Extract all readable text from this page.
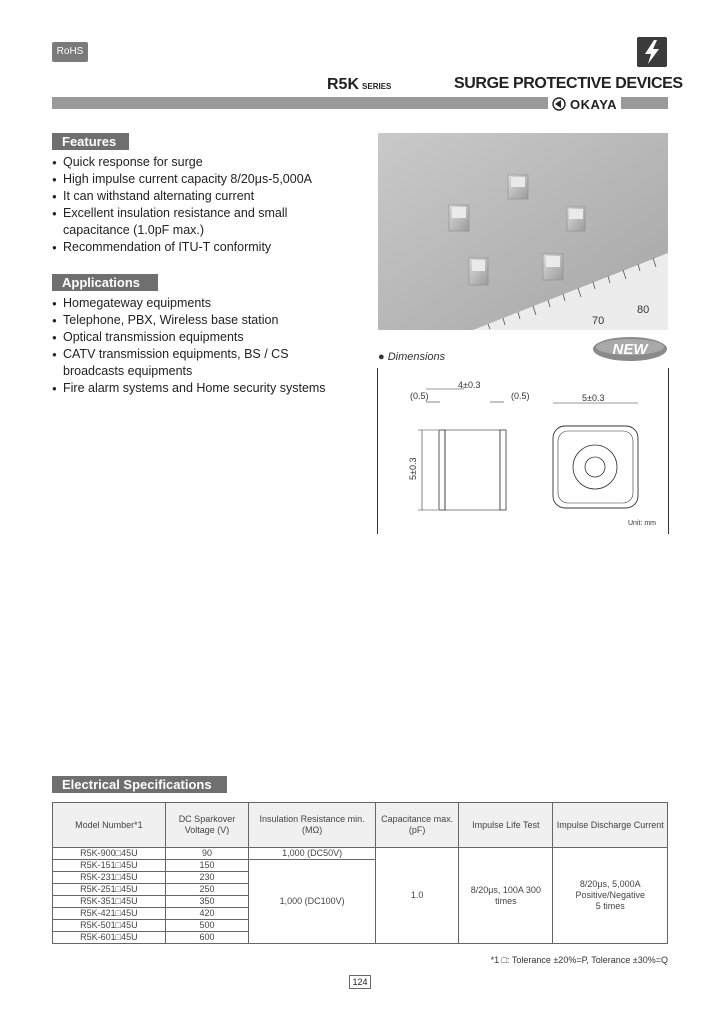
RoHS
R5K SERIES	SURGE PROTECTIVE DEVICES
OKAYA
Features
● Quick response for surge
● High impulse current capacity 8/20μs-5,000A
● It can withstand alternating current
● Excellent insulation resistance and small capacitance (1.0pF max.)
● Recommendation of ITU-T conformity
Applications
● Homegateway equipments
● Telephone, PBX, Wireless base station
● Optical transmission equipments
● CATV transmission equipments, BS / CS broadcasts equipments
● Fire alarm systems and Home security systems
70
80
● Dimensions	NEW
4±0.3
(0.5)	(0.5)
5±0.3
5±0.3
Unit: mm
Electrical Specifications
Model Number*1	DC Sparkover Voltage (V)	Insulation Resistance min. (MΩ)	Capacitance max. (pF)	Impulse Life Test	Impulse Discharge Current
R5K-900□45U	90	1,000 (DC50V)	1.0	8/20μs, 100A 300 times	8/20μs, 5,000A Positive/Negative 5 times
R5K-151□45U	150	1,000 (DC100V)			
R5K-231□45U	230				
R5K-251□45U	250				
R5K-351□45U	350				
R5K-421□45U	420				
R5K-501□45U	500				
R5K-601□45U	600				
*1 □: Tolerance ±20%=P, Tolerance ±30%=Q
124
